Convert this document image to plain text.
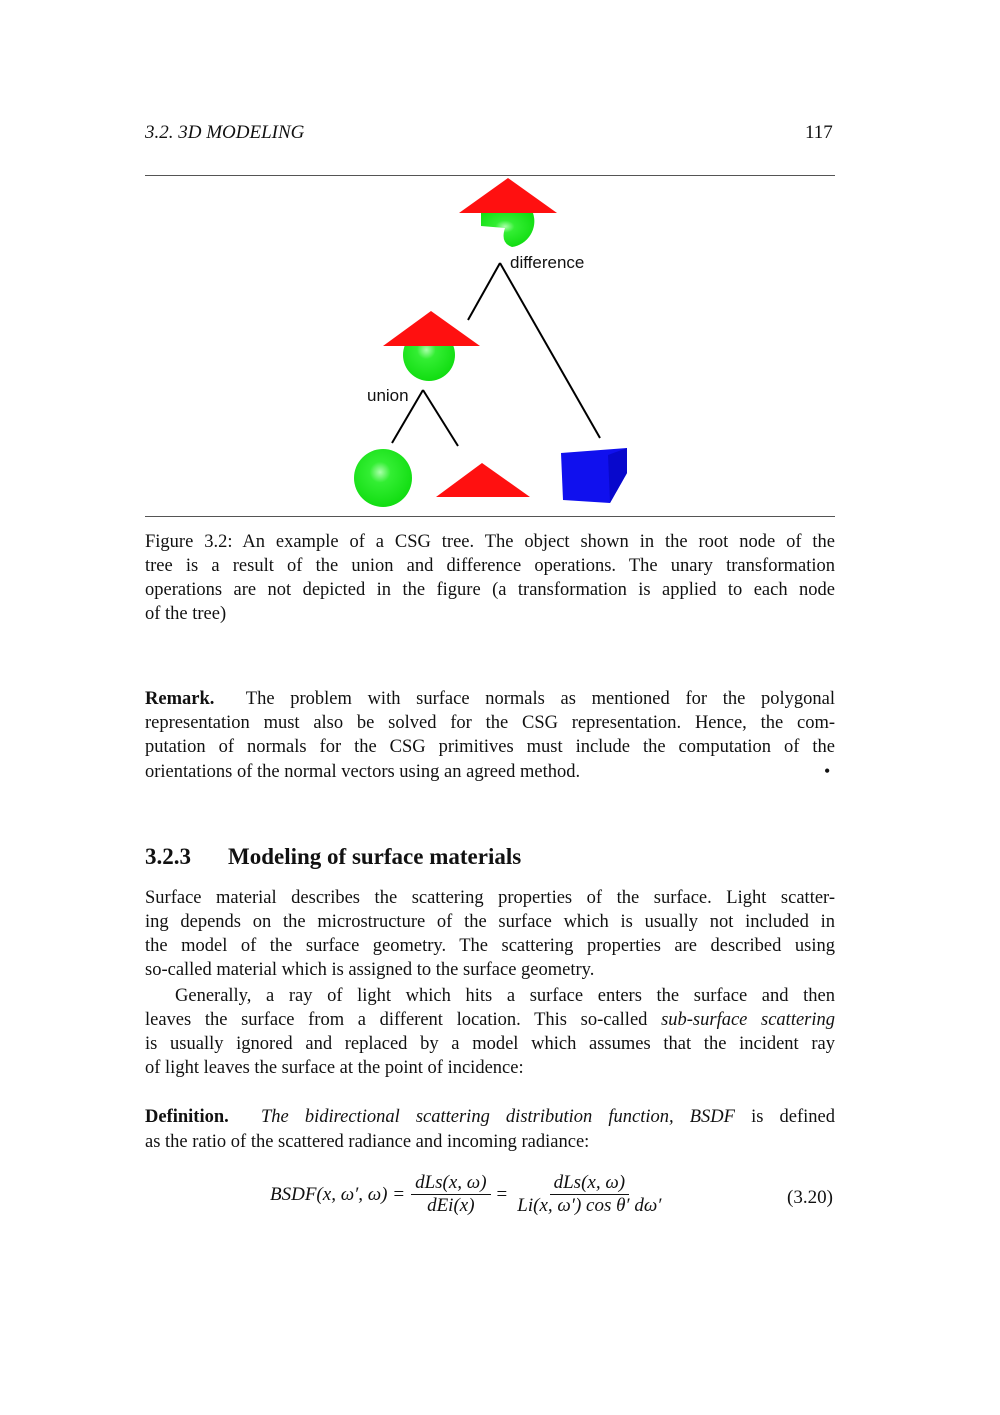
3.2. 3D MODELING	117
difference
union
Figure 3.2: An example of a CSG tree. The object shown in the root node of the
tree is a result of the union and difference operations. The unary transformation
operations are not depicted in the figure (a transformation is applied to each node
of the tree)
Remark. The problem with surface normals as mentioned for the polygonal
representation must also be solved for the CSG representation. Hence, the com-
putation of normals for the CSG primitives must include the computation of the
orientations of the normal vectors using an agreed method.	•
3.2.3 Modeling of surface materials
Surface material describes the scattering properties of the surface. Light scatter-
ing depends on the microstructure of the surface which is usually not included in
the model of the surface geometry. The scattering properties are described using
so-called material which is assigned to the surface geometry.
Generally, a ray of light which hits a surface enters the surface and then
leaves the surface from a different location. This so-called sub-surface scattering
is usually ignored and replaced by a model which assumes that the incident ray
of light leaves the surface at the point of incidence:
Definition. The bidirectional scattering distribution function, BSDF is defined
as the ratio of the scattered radiance and incoming radiance:
BSDF(x, ω′, $\omega) = \frac{\text{dLs(x, ω)}}{\text{dEi(x)}} = \frac{\text{dLs(x, ω)}}{\text{Li(x, ω′) cos θ′ dω′}}$	(3.20)
